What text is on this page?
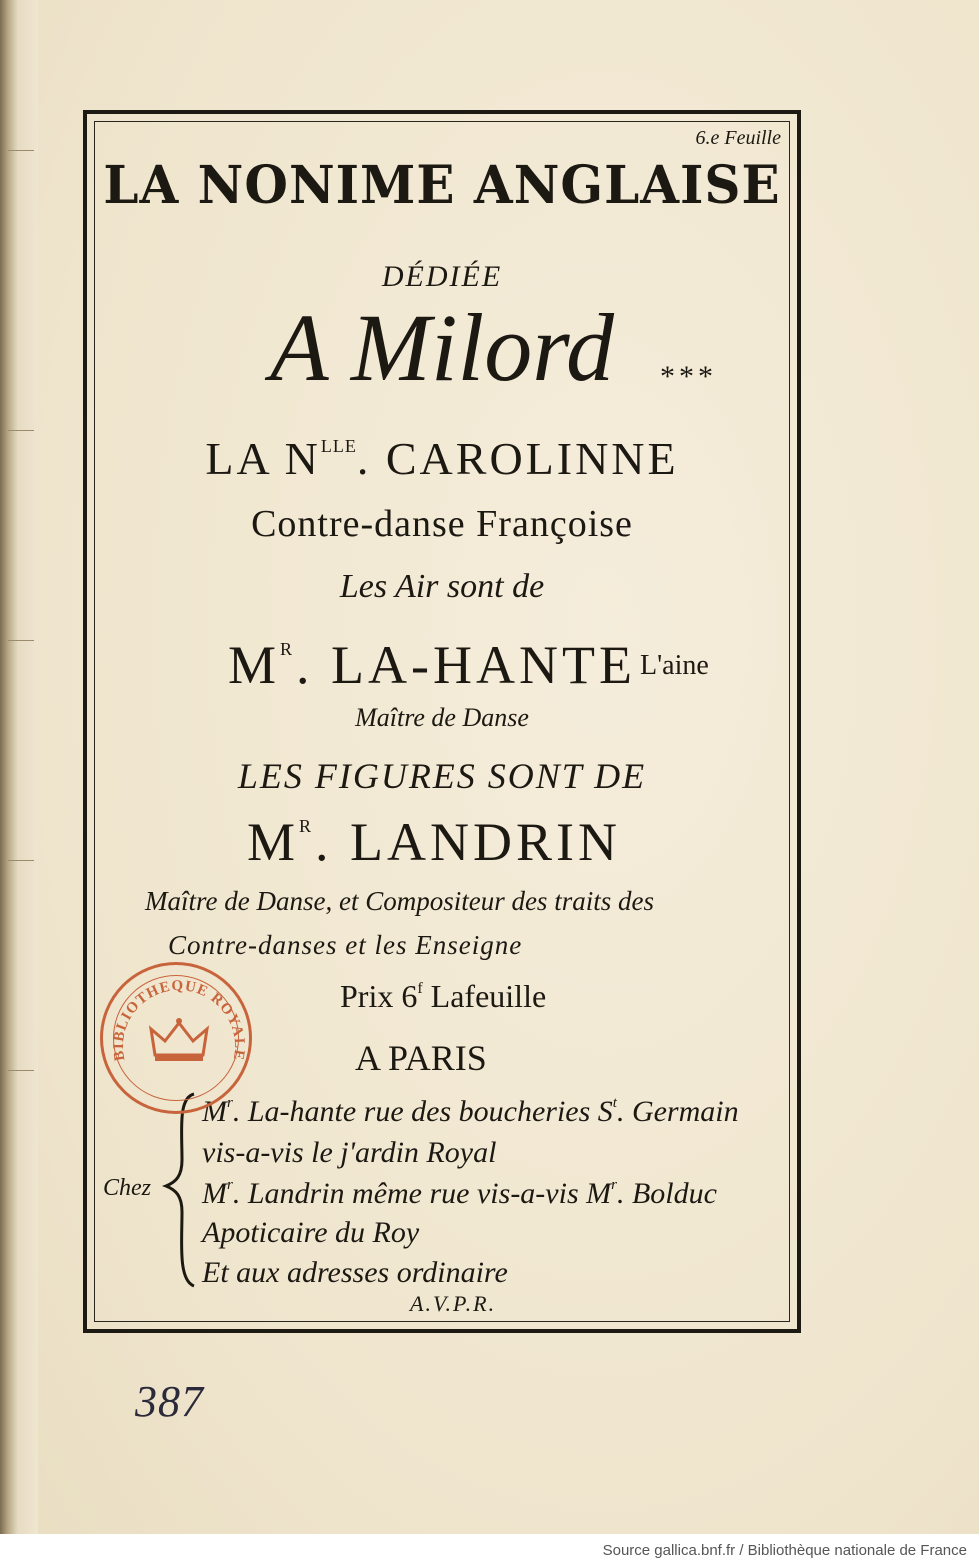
6.e Feuille
LA NONIME ANGLAISE
DÉDIÉE
A Milord	***
LA $N^{LLE}$. CAROLINNE
Contre-danse Françoise
Les Air sont de
$M^R$. LA-HANTE L'aine
Maître de Danse
LES FIGURES SONT DE
$M^R$. LANDRIN
Maître de Danse, et Compositeur des traits des
Contre-danses et les Enseigne
Prix 6$^f$ Lafeuille
A PARIS
Chez
$M^r$. La-hante rue des boucheries $S^t$. Germain
vis-a-vis le j'ardin Royal
$M^r$. Landrin même rue vis-a-vis $M^r$. Bolduc
Apoticaire du Roy
Et aux adresses ordinaire
A.V.P.R.
BIBLIOTHEQUE ROYALE
387
Source gallica.bnf.fr / Bibliothèque nationale de France
